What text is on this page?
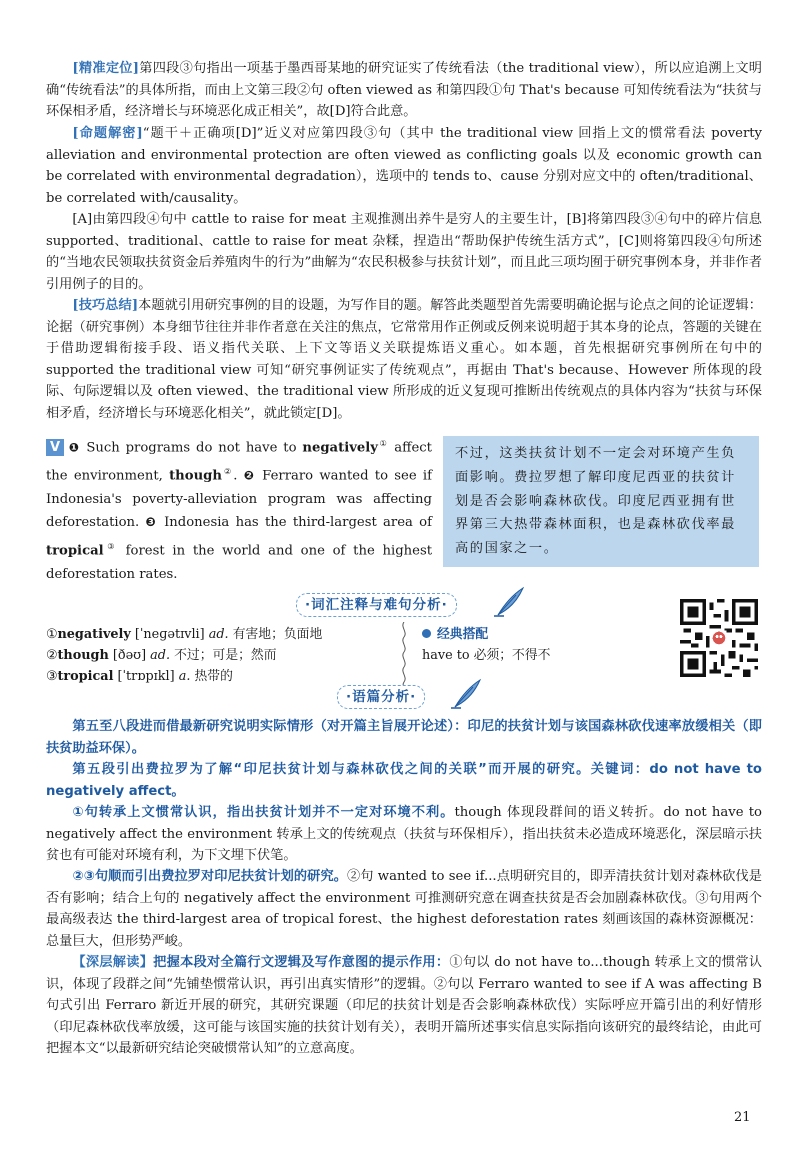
[精准定位]第四段③句指出一项基于墨西哥某地的研究证实了传统看法（the traditional view），所以应追溯上文明确“传统看法”的具体所指，而由上文第三段②句 often viewed as 和第四段①句 That's because 可知传统看法为“扶贫与环保相矛盾，经济增长与环境恶化成正相关”，故[D]符合此意。
[命题解密]“题干＋正确项[D]”近义对应第四段③句（其中 the traditional view 回指上文的惯常看法 poverty alleviation and environmental protection are often viewed as conflicting goals 以及 economic growth can be correlated with environmental degradation），选项中的 tends to、cause 分别对应文中的 often/traditional、be correlated with/causality。
[A]由第四段④句中 cattle to raise for meat 主观推测出养牛是穷人的主要生计，[B]将第四段③④句中的碎片信息 supported、traditional、cattle to raise for meat 杂糅，捏造出“帮助保护传统生活方式”，[C]则将第四段④句所述的“当地农民领取扶贫资金后养殖肉牛的行为”曲解为“农民积极参与扶贫计划”，而且此三项均囿于研究事例本身，并非作者引用例子的目的。
[技巧总结]本题就引用研究事例的目的设题，为写作目的题。解答此类题型首先需要明确论据与论点之间的论证逻辑：论据（研究事例）本身细节往往并非作者意在关注的焦点，它常常用作正例或反例来说明超于其本身的论点，答题的关键在于借助逻辑衔接手段、语义指代关联、上下文等语义关联提炼语义重心。如本题，首先根据研究事例所在句中的 supported the traditional view 可知“研究事例证实了传统观点”，再据由 That's because、However 所体现的段际、句际逻辑以及 often viewed、the traditional view 所形成的近义复现可推断出传统观点的具体内容为“扶贫与环保相矛盾，经济增长与环境恶化相关”，就此锁定[D]。
V ❶ Such programs do not have to negatively① affect the environment, though②. ❷ Ferraro wanted to see if Indonesia's poverty-alleviation program was affecting deforestation. ❸ Indonesia has the third-largest area of tropical③ forest in the world and one of the highest deforestation rates.
不过，这类扶贫计划不一定会对环境产生负面影响。费拉罗想了解印度尼西亚的扶贫计划是否会影响森林砍伐。印度尼西亚拥有世界第三大热带森林面积，也是森林砍伐率最高的国家之一。
·词汇注释与难句分析·
①negatively [ˈneɡətɪvli] ad. 有害地；负面地
②though [ðəʊ] ad. 不过；可是；然而
③tropical [ˈtrɒpɪkl] a. 热带的
经典搭配
have to 必须；不得不
·语篇分析·
第五至八段进而借最新研究说明实际情形（对开篇主旨展开论述）：印尼的扶贫计划与该国森林砍伐速率放缓相关（即扶贫助益环保）。
第五段引出费拉罗为了解“印尼扶贫计划与森林砍伐之间的关联”而开展的研究。关键词：do not have to negatively affect。
①句转承上文惯常认识，指出扶贫计划并不一定对环境不利。though 体现段群间的语义转折。do not have to negatively affect the environment 转承上文的传统观点（扶贫与环保相斥），指出扶贫未必造成环境恶化，深层暗示扶贫也有可能对环境有利，为下文埋下伏笔。
②③句顺而引出费拉罗对印尼扶贫计划的研究。②句 wanted to see if...点明研究目的，即弄清扶贫计划对森林砍伐是否有影响；结合上句的 negatively affect the environment 可推测研究意在调查扶贫是否会加剧森林砍伐。③句用两个最高级表达 the third-largest area of tropical forest、the highest deforestation rates 刻画该国的森林资源概况：总量巨大，但形势严峻。
【深层解读】把握本段对全篇行文逻辑及写作意图的提示作用：①句以 do not have to...though 转承上文的惯常认识，体现了段群之间“先铺垫惯常认识，再引出真实情形”的逻辑。②句以 Ferraro wanted to see if A was affecting B 句式引出 Ferraro 新近开展的研究，其研究课题（印尼的扶贫计划是否会影响森林砍伐）实际呼应开篇引出的利好情形（印尼森林砍伐率放缓，这可能与该国实施的扶贫计划有关），表明开篇所述事实信息实际指向该研究的最终结论，由此可把握本文“以最新研究结论突破惯常认知”的立意高度。
21
